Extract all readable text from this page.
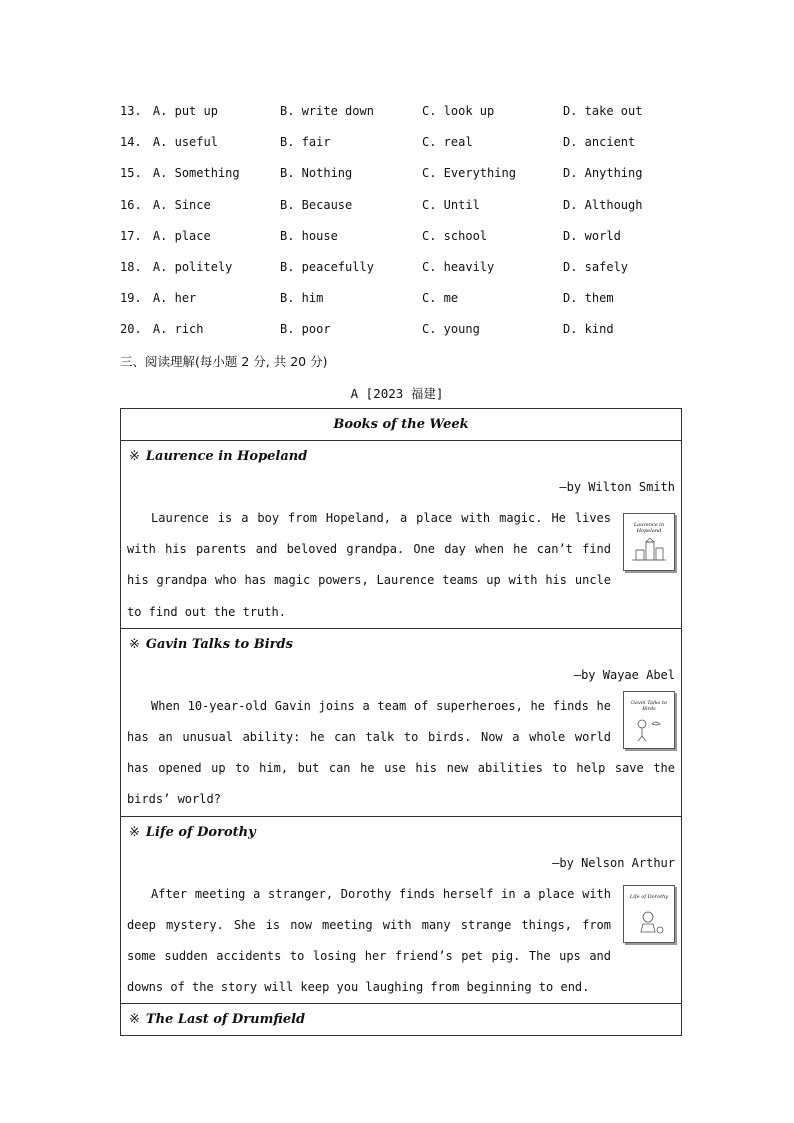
13. A. put up	B. write down	C. look up	D. take out
14. A. useful	B. fair	C. real	D. ancient
15. A. Something	B. Nothing	C. Everything	D. Anything
16. A. Since	B. Because	C. Until	D. Although
17. A. place	B. house	C. school	D. world
18. A. politely	B. peacefully	C. heavily	D. safely
19. A. her	B. him	C. me	D. them
20. A. rich	B. poor	C. young	D. kind
三、阅读理解(每小题 2 分, 共 20 分)
A [2023 福建]
Books of the Week
※ Laurence in Hopeland
—by Wilton Smith
Laurence in Hopeland

Laurence is a boy from Hopeland, a place with magic. He lives with his parents and beloved grandpa. One day when he can’t find his grandpa who has magic powers, Laurence teams up with his uncle to find out the truth.

※ Gavin Talks to Birds
—by Wayae Abel
Gavin Talks to Birds

When 10-year-old Gavin joins a team of superheroes, he finds he has an unusual ability: he can talk to birds. Now a whole world has opened up to him, but can he use his new abilities to help save the birds’ world?

※ Life of Dorothy
—by Nelson Arthur
Life of Dorothy

After meeting a stranger, Dorothy finds herself in a place with deep mystery. She is now meeting with many strange things, from some sudden accidents to losing her friend’s pet pig. The ups and downs of the story will keep you laughing from beginning to end.

※ The Last of Drumfield
